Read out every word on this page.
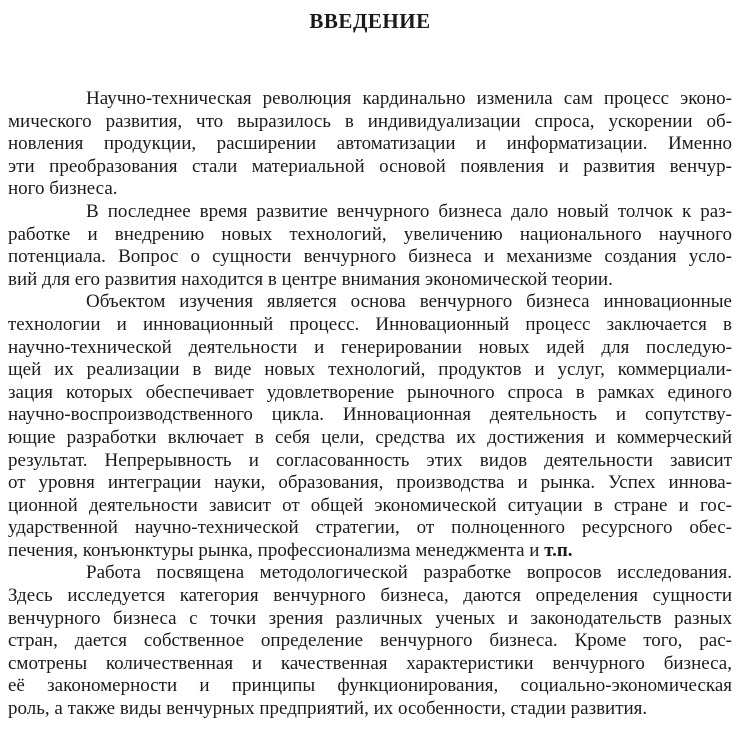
ВВЕДЕНИЕ
Научно-техническая революция кардинально изменила сам процесс эконо-
мического развития, что выразилось в индивидуализации спроса, ускорении об-
новления продукции, расширении автоматизации и информатизации. Именно
эти преобразования стали материальной основой появления и развития венчур-
ного бизнеса.
В последнее время развитие венчурного бизнеса дало новый толчок к раз-
работке и внедрению новых технологий, увеличению национального научного
потенциала. Вопрос о сущности венчурного бизнеса и механизме создания усло-
вий для его развития находится в центре внимания экономической теории.
Объектом изучения является основа венчурного бизнеса инновационные
технологии и инновационный процесс. Инновационный процесс заключается в
научно-технической деятельности и генерировании новых идей для последую-
щей их реализации в виде новых технологий, продуктов и услуг, коммерциали-
зация которых обеспечивает удовлетворение рыночного спроса в рамках единого
научно-воспроизводственного цикла. Инновационная деятельность и сопутству-
ющие разработки включает в себя цели, средства их достижения и коммерческий
результат. Непрерывность и согласованность этих видов деятельности зависит
от уровня интеграции науки, образования, производства и рынка. Успех иннова-
ционной деятельности зависит от общей экономической ситуации в стране и гос-
ударственной научно-технической стратегии, от полноценного ресурсного обес-
печения, конъюнктуры рынка, профессионализма менеджмента и т.п.
Работа посвящена методологической разработке вопросов исследования.
Здесь исследуется категория венчурного бизнеса, даются определения сущности
венчурного бизнеса с точки зрения различных ученых и законодательств разных
стран, дается собственное определение венчурного бизнеса. Кроме того, рас-
смотрены количественная и качественная характеристики венчурного бизнеса,
её закономерности и принципы функционирования, социально-экономическая
роль, а также виды венчурных предприятий, их особенности, стадии развития.
